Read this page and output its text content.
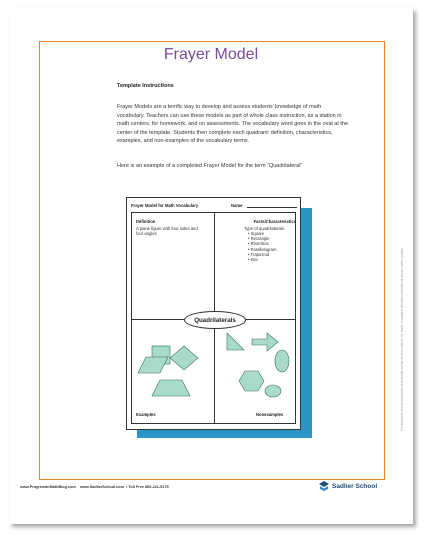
Frayer Model
Template Instructions
Frayer Models are a terrific way to develop and assess students’ knowledge of math vocabulary. Teachers can use these models as part of whole class instruction, as a station in math centers, for homework, and on assessments. The vocabulary word goes in the oval at the center of the template. Students then complete each quadrant: definition, characteristics, examples, and non-examples of the vocabulary terms.
Here is an example of a completed Frayer Model for the term “Quadrilateral”
Frayer Model for Math Vocabulary	Name
Definition
A plane figure with four sides and four angles
Facts/Characteristics
Type of quadrilaterals
• Square
• Rectangle
• Rhombus
• Parallelogram
• Trapezoid
• Kite
Quadrilaterals
Examples	Nonexamples	Sadlier®, Sadlier School® are registered trademarks of William H. Sadlier, Inc. All rights reserved. May be reproduced for educational use (not commercial use).
www.ProgressinMathBlog.com www.SadlierSchool.com • Toll Free 800-221-5175	Sadlier School
